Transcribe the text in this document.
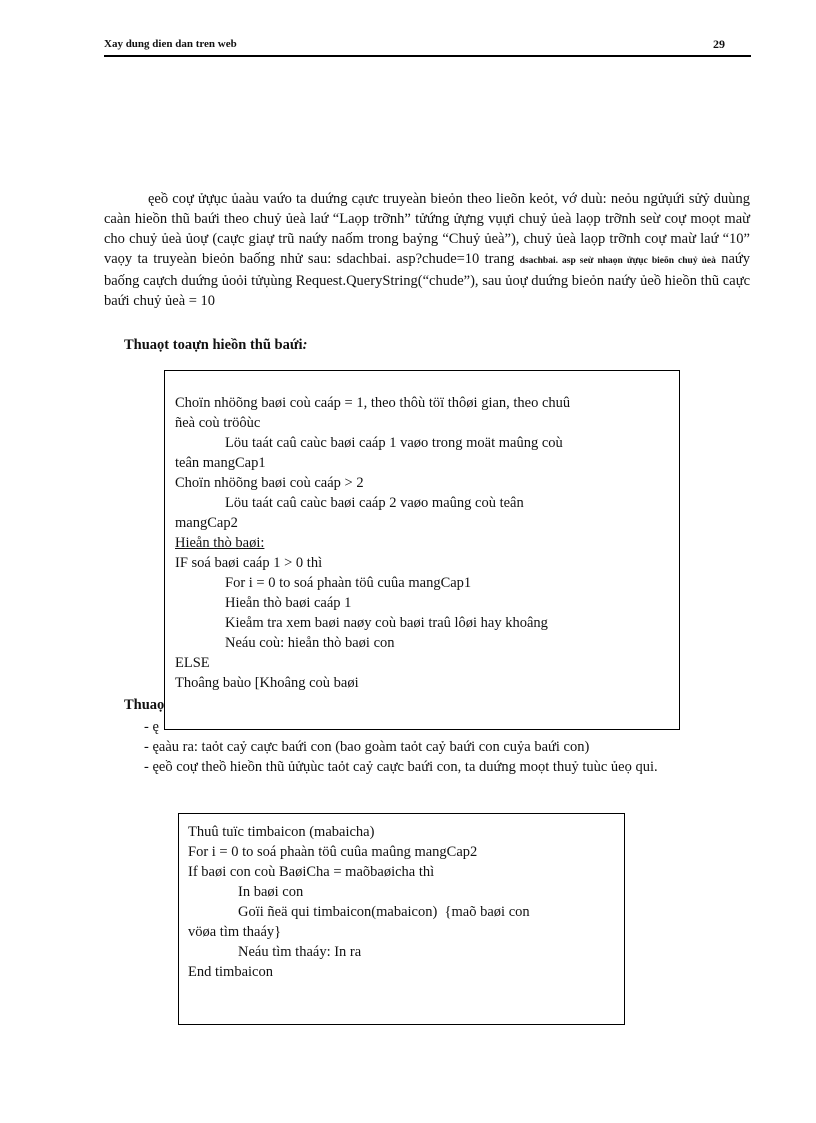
Xay dung dien dan tren web	29

ęeồ coự ửựục ủaàu vaứo ta duứng cạưc truyeàn bieỏn theo lieõn keỏt, vớ duù: neỏu ngửụứi sửỷ duùng caàn hieồn thũ baứi theo chuỷ ủeà laứ “Laọp trỡnh” tửứng ửựng vụựi chuỷ ủeà laọp trỡnh seừ coự moọt maừ cho chuỷ ủeà ủoự (caực giaự trũ naứy naốm trong baỷng “Chuỷ ủeà”), chuỷ ủeà laọp trỡnh coự maừ laứ “10” vaọy ta truyeàn bieỏn baống nhử sau: sdachbai. asp?chude=10 trang dsachbai. asp seừ nhaọn ửựục bieõn chuỷ ủeà naứy baống caựch duứng ủoỏi tửụùng Request.QueryString(“chude”), sau ủoự duứng bieỏn naứy ủeồ hieồn thũ caực baứi chuỷ ủeà = 10

Thuaọt toaựn hieồn thũ baứi:

Thuaọ

- ę

- ęaàu ra: taỏt caỷ caực baứi con (bao goàm taỏt caỷ baứi con cuỷa baứi con)

- ęeồ coự theồ hieồn thũ ủửụùc taỏt caỷ caực baứi con, ta duứng moọt thuỷ tuùc ủeọ qui.

Choïn nhöõng baøi coù caáp = 1, theo thôù töï thôøi gian, theo chuû
ñeà coù tröôùc
Löu taát caû caùc baøi caáp 1 vaøo trong moät maûng coù
teân mangCap1
Choïn nhöõng baøi coù caáp > 2
Löu taát caû caùc baøi caáp 2 vaøo maûng coù teân
mangCap2
Hieån thò baøi:
IF soá baøi caáp 1 > 0 thì
For i = 0 to soá phaàn töû cuûa mangCap1
Hieån thò baøi caáp 1
Kieåm tra xem baøi naøy coù baøi traû lôøi hay khoâng
Neáu coù: hieån thò baøi con
ELSE
Thoâng baùo [Khoâng coù baøi
Thuû tuïc timbaicon (mabaicha)
For i = 0 to soá phaàn töû cuûa maûng mangCap2
If baøi con coù BaøiCha = maõbaøicha thì
In baøi con
Goïi ñeä qui timbaicon(mabaicon)  {maõ baøi con
vöøa tìm thaáy}
Neáu tìm thaáy: In ra
End timbaicon
